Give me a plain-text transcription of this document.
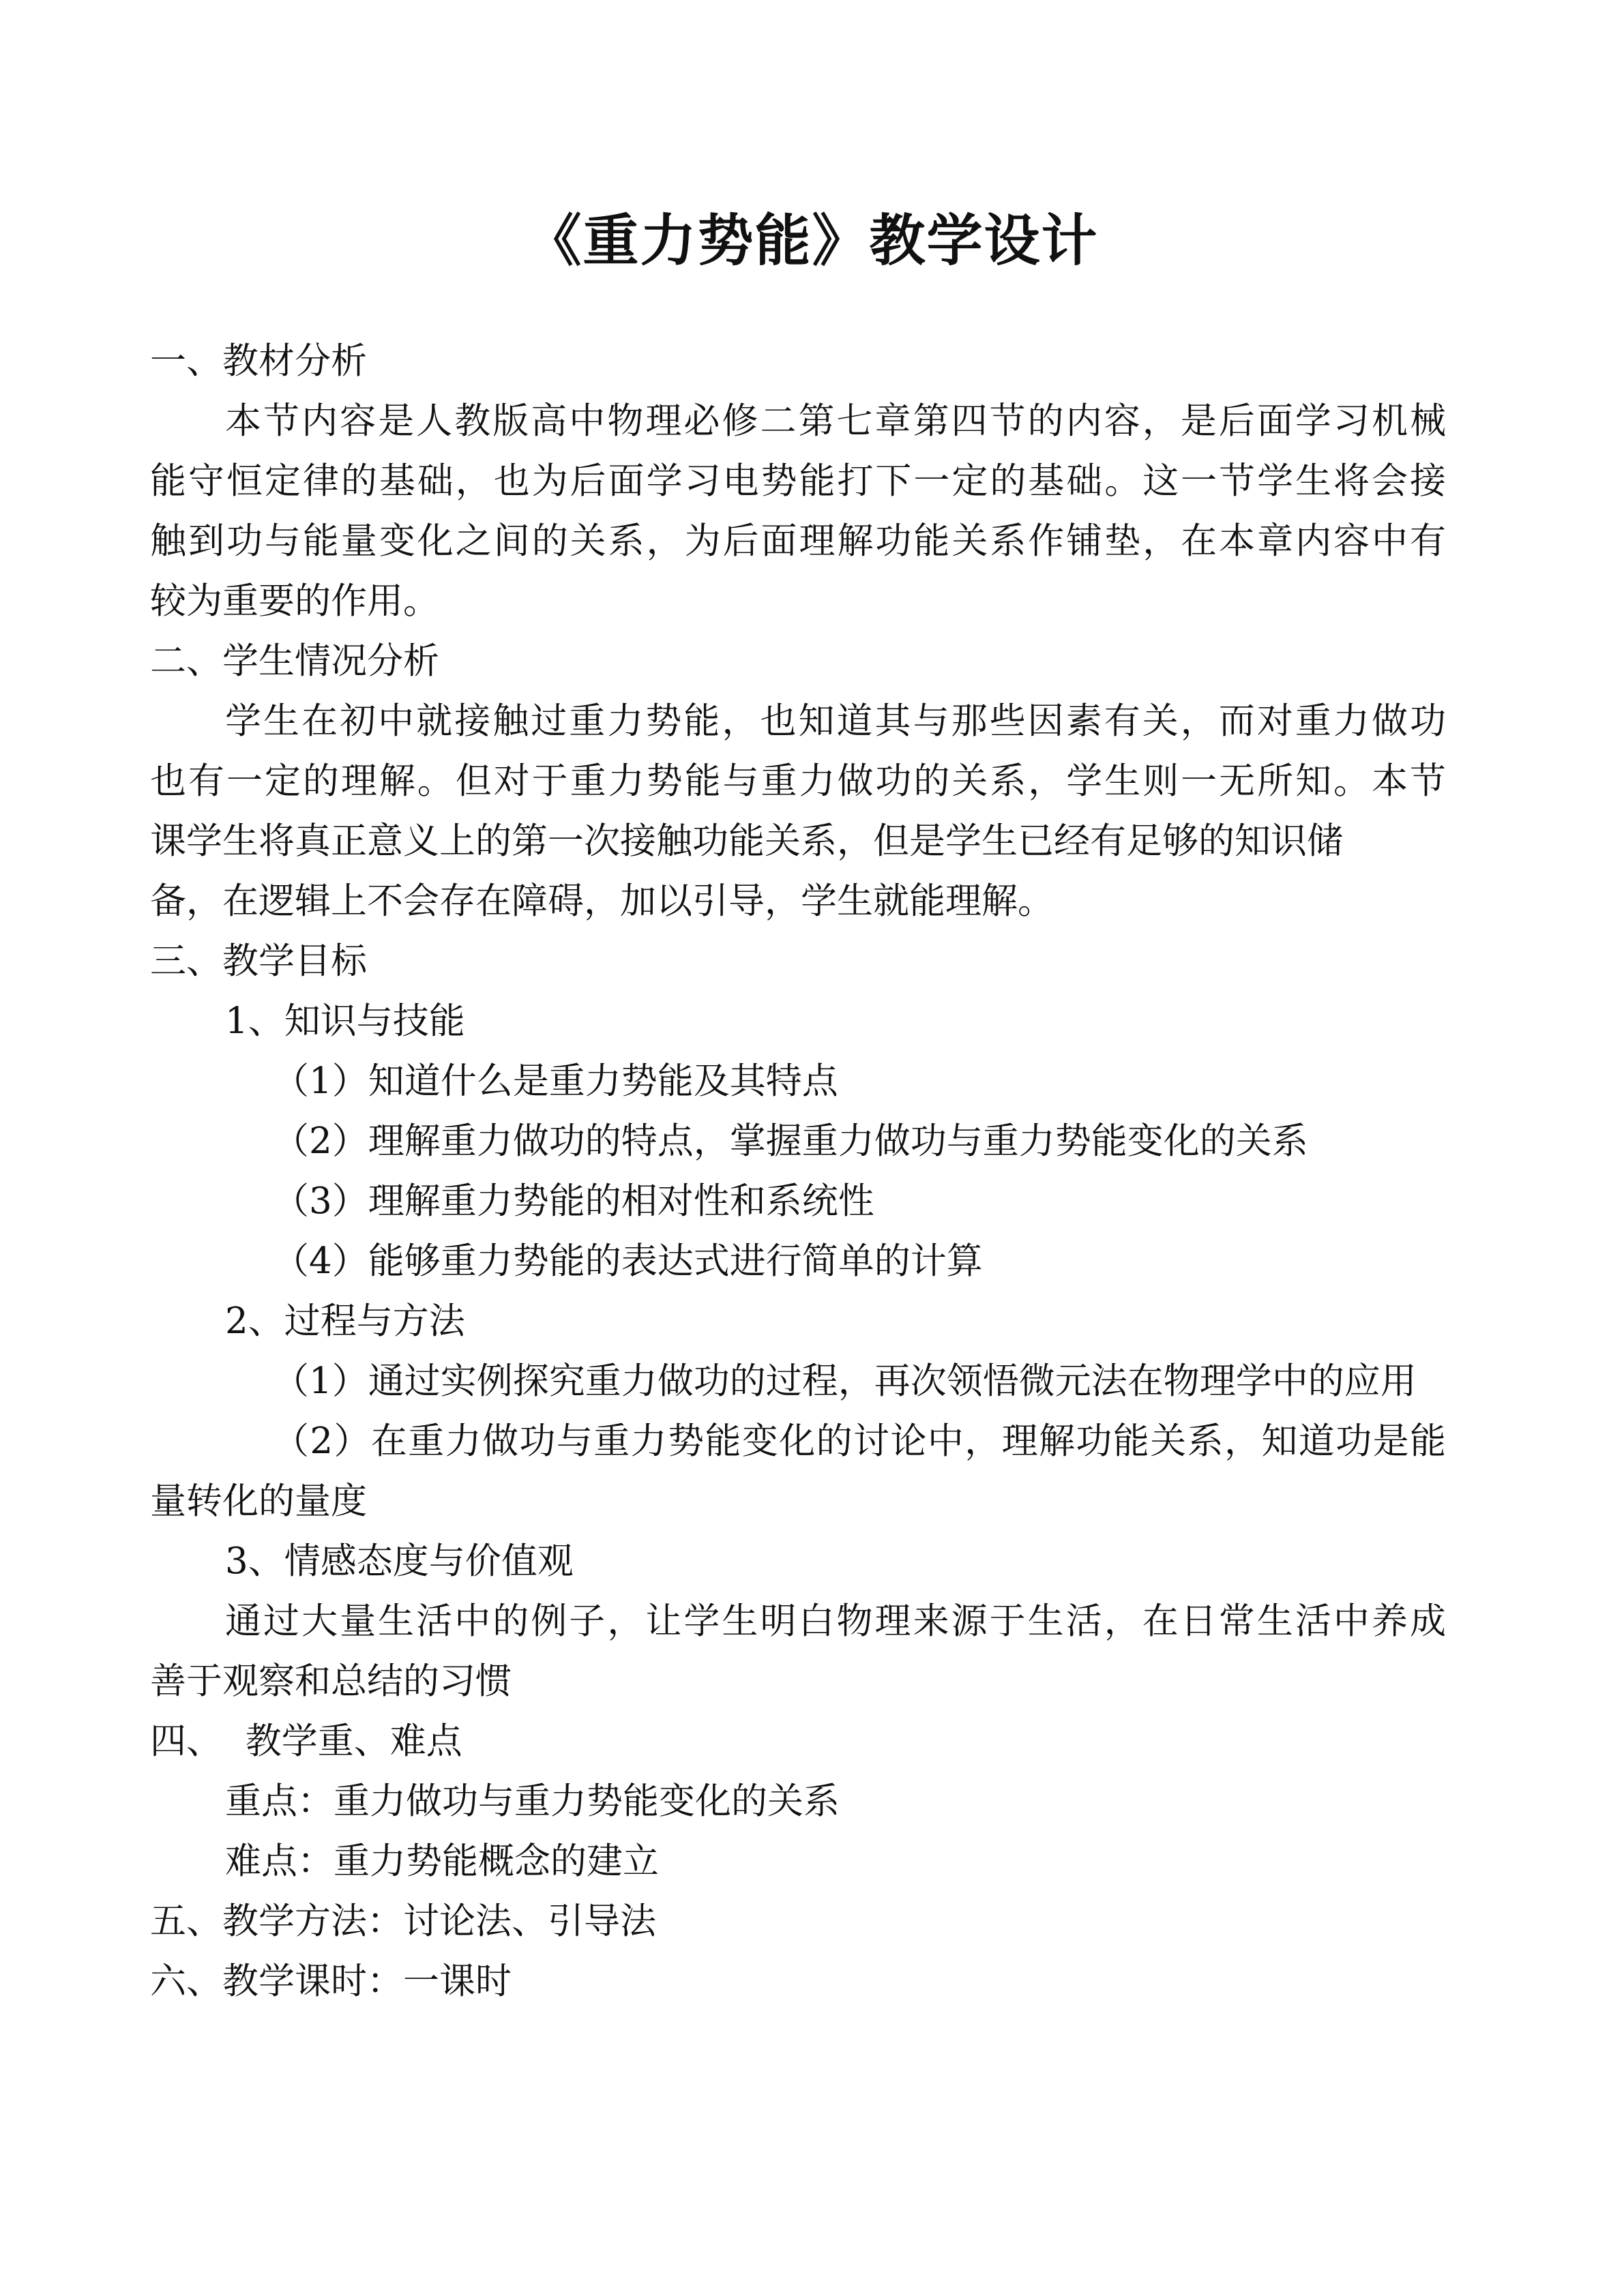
《重力势能》教学设计
一、教材分析
本节内容是人教版高中物理必修二第七章第四节的内容，是后面学习机械
能守恒定律的基础，也为后面学习电势能打下一定的基础。这一节学生将会接
触到功与能量变化之间的关系，为后面理解功能关系作铺垫，在本章内容中有
较为重要的作用。
二、学生情况分析
学生在初中就接触过重力势能，也知道其与那些因素有关，而对重力做功
也有一定的理解。但对于重力势能与重力做功的关系，学生则一无所知。本节
课学生将真正意义上的第一次接触功能关系，但是学生已经有足够的知识储
备，在逻辑上不会存在障碍，加以引导，学生就能理解。
三、教学目标
1、知识与技能
（1）知道什么是重力势能及其特点
（2）理解重力做功的特点，掌握重力做功与重力势能变化的关系
（3）理解重力势能的相对性和系统性
（4）能够重力势能的表达式进行简单的计算
2、过程与方法
（1）通过实例探究重力做功的过程，再次领悟微元法在物理学中的应用
（2）在重力做功与重力势能变化的讨论中，理解功能关系，知道功是能
量转化的量度
3、情感态度与价值观
通过大量生活中的例子，让学生明白物理来源于生活，在日常生活中养成
善于观察和总结的习惯
四、  教学重、难点
重点：重力做功与重力势能变化的关系
难点：重力势能概念的建立
五、教学方法：讨论法、引导法
六、教学课时：一课时
